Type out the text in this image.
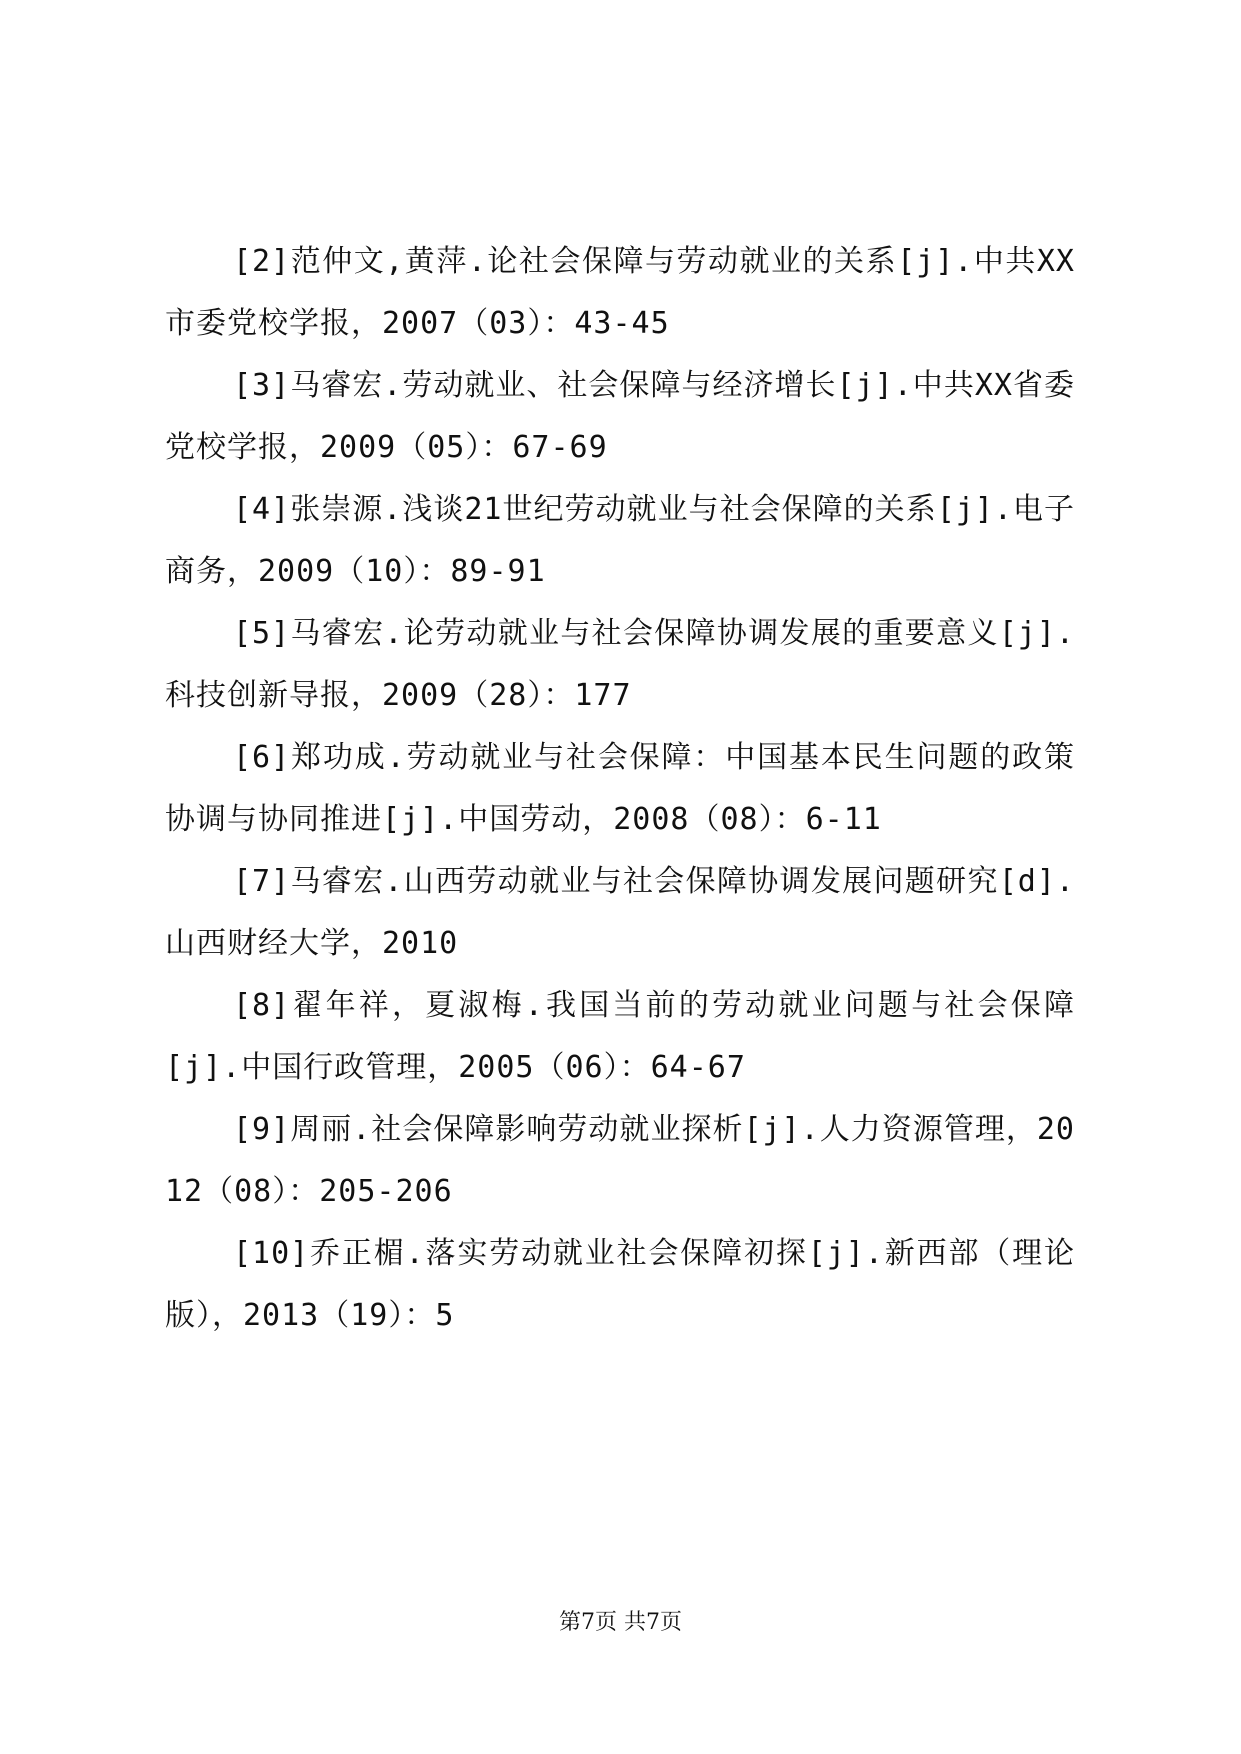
[2]范仲文,黄萍.论社会保障与劳动就业的关系[j].中共XX市委党校学报，2007（03）：43-45

[3]马睿宏.劳动就业、社会保障与经济增长[j].中共XX省委党校学报，2009（05）：67-69

[4]张崇源.浅谈21世纪劳动就业与社会保障的关系[j].电子商务，2009（10）：89-91

[5]马睿宏.论劳动就业与社会保障协调发展的重要意义[j].科技创新导报，2009（28）：177

[6]郑功成.劳动就业与社会保障：中国基本民生问题的政策协调与协同推进[j].中国劳动，2008（08）：6-11

[7]马睿宏.山西劳动就业与社会保障协调发展问题研究[d].山西财经大学，2010

[8]翟年祥，夏淑梅.我国当前的劳动就业问题与社会保障[j].中国行政管理，2005（06）：64-67

[9]周丽.社会保障影响劳动就业探析[j].人力资源管理，2012（08）：205-206

[10]乔正楣.落实劳动就业社会保障初探[j].新西部（理论版），2013（19）：5

第7页 共7页
